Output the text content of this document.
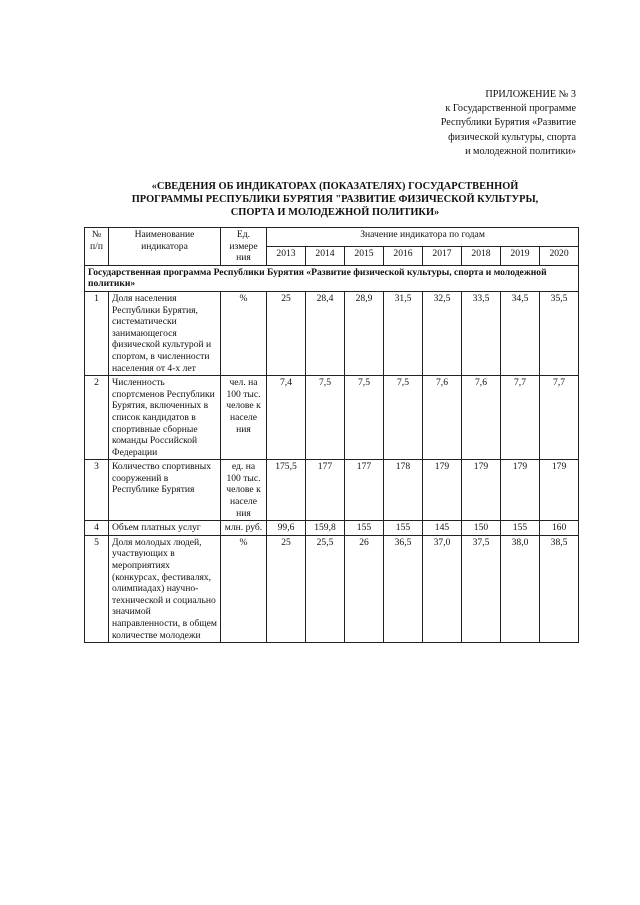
ПРИЛОЖЕНИЕ № 3
к Государственной программе
Республики Бурятия «Развитие
физической культуры, спорта
и молодежной политики»
«СВЕДЕНИЯ ОБ ИНДИКАТОРАХ (ПОКАЗАТЕЛЯХ) ГОСУДАРСТВЕННОЙ
ПРОГРАММЫ РЕСПУБЛИКИ БУРЯТИЯ "РАЗВИТИЕ ФИЗИЧЕСКОЙ КУЛЬТУРЫ,
СПОРТА И МОЛОДЕЖНОЙ ПОЛИТИКИ»
№ п/п	Наименование индикатора	Ед. измере ния	Значение индикатора по годам							
			2013	2014	2015	2016	2017	2018	2019	2020
Государственная программа Республики Бурятия «Развитие физической культуры, спорта и молодежной политики»										
1	Доля населения Республики Бурятия, систематически занимающегося физической культурой и спортом, в численности населения от 4-х лет	%	25	28,4	28,9	31,5	32,5	33,5	34,5	35,5
2	Численность спортсменов Республики Бурятия, включенных в список кандидатов в спортивные сборные команды Российской Федерации	чел. на 100 тыс. челове к населе ния	7,4	7,5	7,5	7,5	7,6	7,6	7,7	7,7
3	Количество спортивных сооружений в Республике Бурятия	ед. на 100 тыс. челове к населе ния	175,5	177	177	178	179	179	179	179
4	Объем платных услуг	млн. руб.	99,6	159,8	155	155	145	150	155	160
5	Доля молодых людей, участвующих в мероприятиях (конкурсах, фестивалях, олимпиадах) научно-технической и социально значимой направленности, в общем количестве молодежи	%	25	25,5	26	36,5	37,0	37,5	38,0	38,5
